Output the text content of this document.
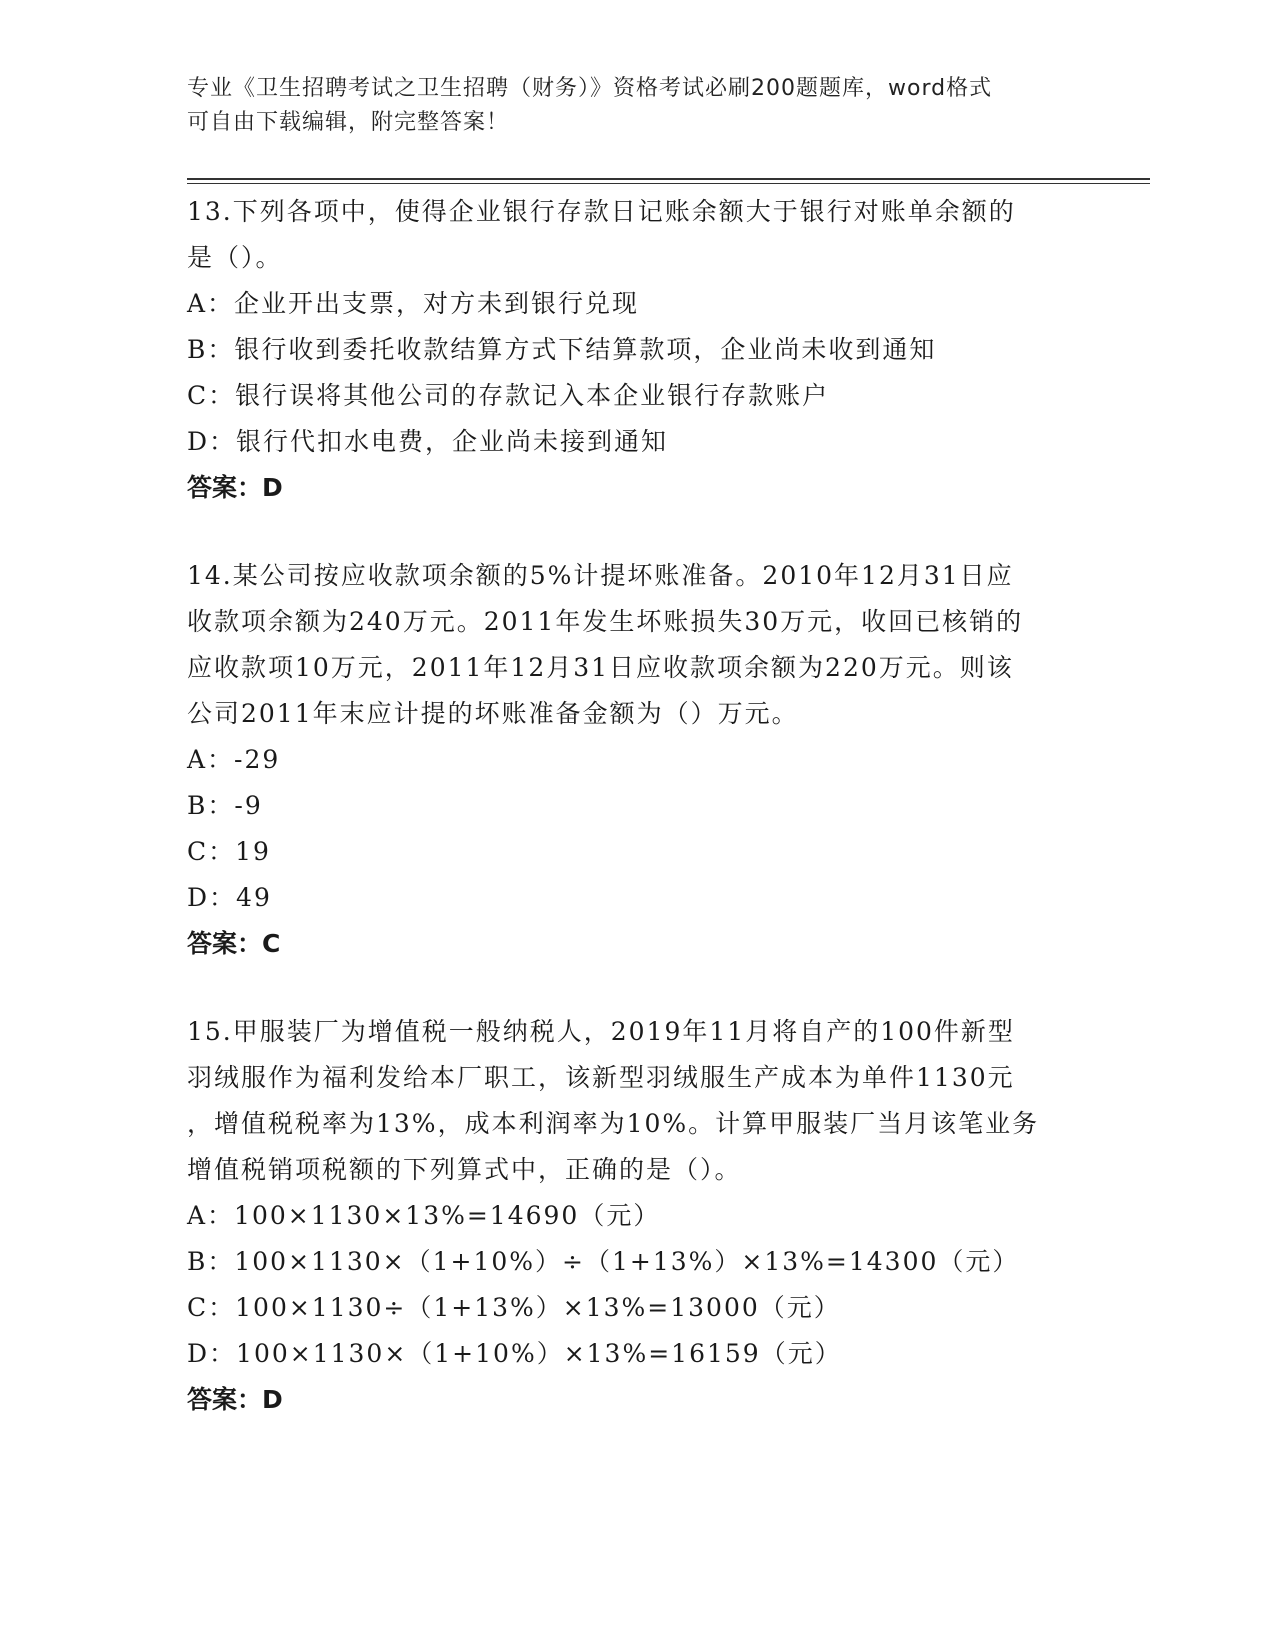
专业《卫生招聘考试之卫生招聘（财务）》资格考试必刷200题题库，word格式
可自由下载编辑，附完整答案！

13.下列各项中，使得企业银行存款日记账余额大于银行对账单余额的

是（）。

A：企业开出支票，对方未到银行兑现

B：银行收到委托收款结算方式下结算款项，企业尚未收到通知

C：银行误将其他公司的存款记入本企业银行存款账户

D：银行代扣水电费，企业尚未接到通知

答案：D

14.某公司按应收款项余额的5%计提坏账准备。2010年12月31日应

收款项余额为240万元。2011年发生坏账损失30万元，收回已核销的

应收款项10万元，2011年12月31日应收款项余额为220万元。则该

公司2011年末应计提的坏账准备金额为（）万元。

A：-29

B：-9

C：19

D：49

答案：C

15.甲服装厂为增值税一般纳税人，2019年11月将自产的100件新型

羽绒服作为福利发给本厂职工，该新型羽绒服生产成本为单件1130元

，增值税税率为13%，成本利润率为10%。计算甲服装厂当月该笔业务

增值税销项税额的下列算式中，正确的是（）。

A：100×1130×13%=14690（元）

B：100×1130×（1+10%）÷（1+13%）×13%=14300（元）

C：100×1130÷（1+13%）×13%=13000（元）

D：100×1130×（1+10%）×13%=16159（元）

答案：D
